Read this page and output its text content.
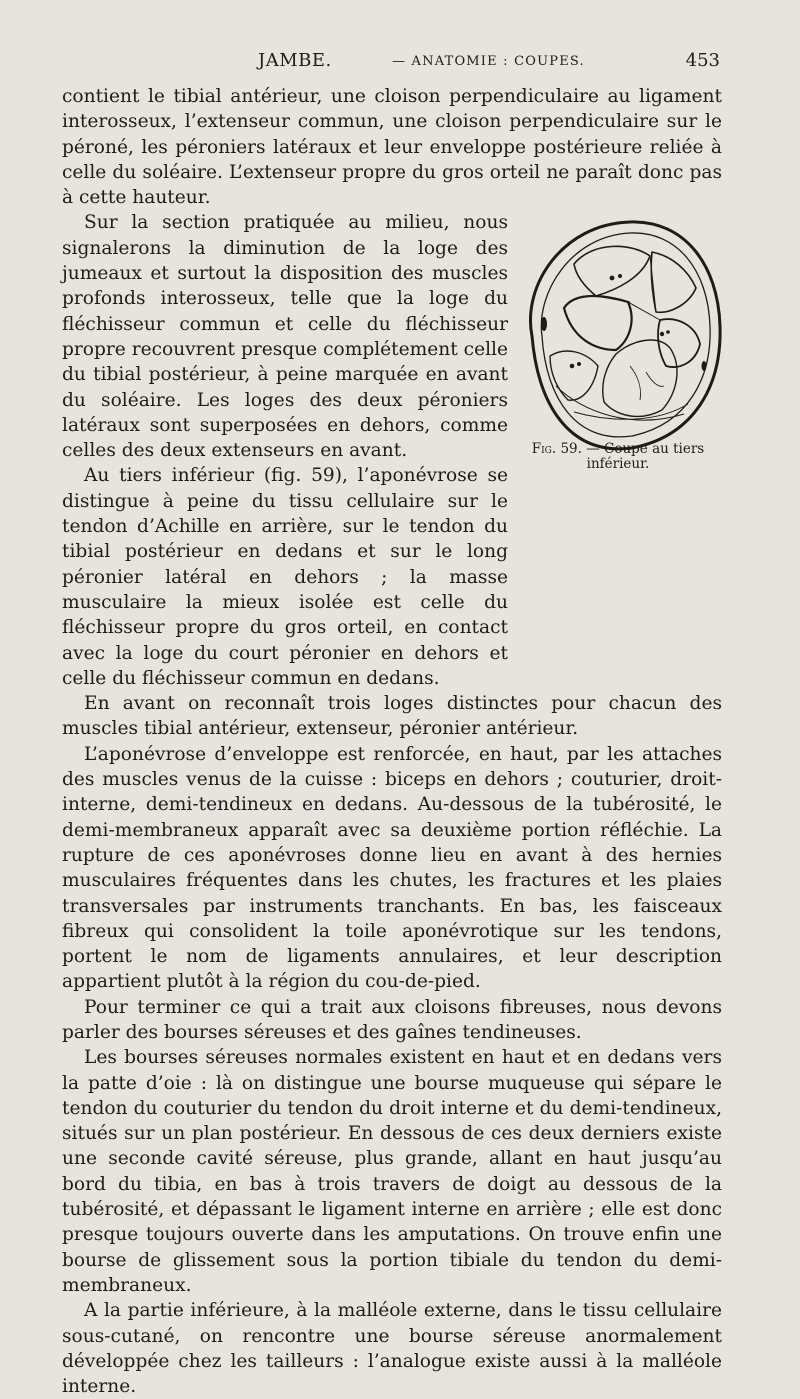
JAMBE.	— ANATOMIE : COUPES.	453

contient le tibial antérieur, une cloison perpendiculaire au ligament interosseux, l’extenseur commun, une cloison perpendiculaire sur le péroné, les péroniers latéraux et leur enveloppe postérieure reliée à celle du soléaire. L’extenseur propre du gros orteil ne paraît donc pas à cette hauteur.

Fig. 59. — Coupe au tiers inférieur.

Sur la section pratiquée au milieu, nous signalerons la diminution de la loge des jumeaux et surtout la disposition des muscles profonds interosseux, telle que la loge du fléchisseur commun et celle du fléchisseur propre recouvrent presque complétement celle du tibial postérieur, à peine marquée en avant du soléaire. Les loges des deux péroniers latéraux sont superposées en dehors, comme celles des deux extenseurs en avant.

Au tiers inférieur (fig. 59), l’aponévrose se distingue à peine du tissu cellulaire sur le tendon d’Achille en arrière, sur le tendon du tibial postérieur en dedans et sur le long péronier latéral en dehors ; la masse musculaire la mieux isolée est celle du fléchisseur propre du gros orteil, en contact avec la loge du court péronier en dehors et celle du fléchisseur commun en dedans.

En avant on reconnaît trois loges distinctes pour chacun des muscles tibial antérieur, extenseur, péronier antérieur.

L’aponévrose d’enveloppe est renforcée, en haut, par les attaches des muscles venus de la cuisse : biceps en dehors ; couturier, droit-interne, demi-tendineux en dedans. Au-dessous de la tubérosité, le demi-membraneux apparaît avec sa deuxième portion réfléchie. La rupture de ces aponévroses donne lieu en avant à des hernies musculaires fréquentes dans les chutes, les fractures et les plaies transversales par instruments tranchants. En bas, les faisceaux fibreux qui consolident la toile aponévrotique sur les tendons, portent le nom de ligaments annulaires, et leur description appartient plutôt à la région du cou-de-pied.

Pour terminer ce qui a trait aux cloisons fibreuses, nous devons parler des bourses séreuses et des gaînes tendineuses.

Les bourses séreuses normales existent en haut et en dedans vers la patte d’oie : là on distingue une bourse muqueuse qui sépare le tendon du couturier du tendon du droit interne et du demi-tendineux, situés sur un plan postérieur. En dessous de ces deux derniers existe une seconde cavité séreuse, plus grande, allant en haut jusqu’au bord du tibia, en bas à trois travers de doigt au dessous de la tubérosité, et dépassant le ligament interne en arrière ; elle est donc presque toujours ouverte dans les amputations. On trouve enfin une bourse de glissement sous la portion tibiale du tendon du demi-membraneux.

A la partie inférieure, à la malléole externe, dans le tissu cellulaire sous-cutané, on rencontre une bourse séreuse anormalement développée chez les tailleurs : l’analogue existe aussi à la malléole interne.
